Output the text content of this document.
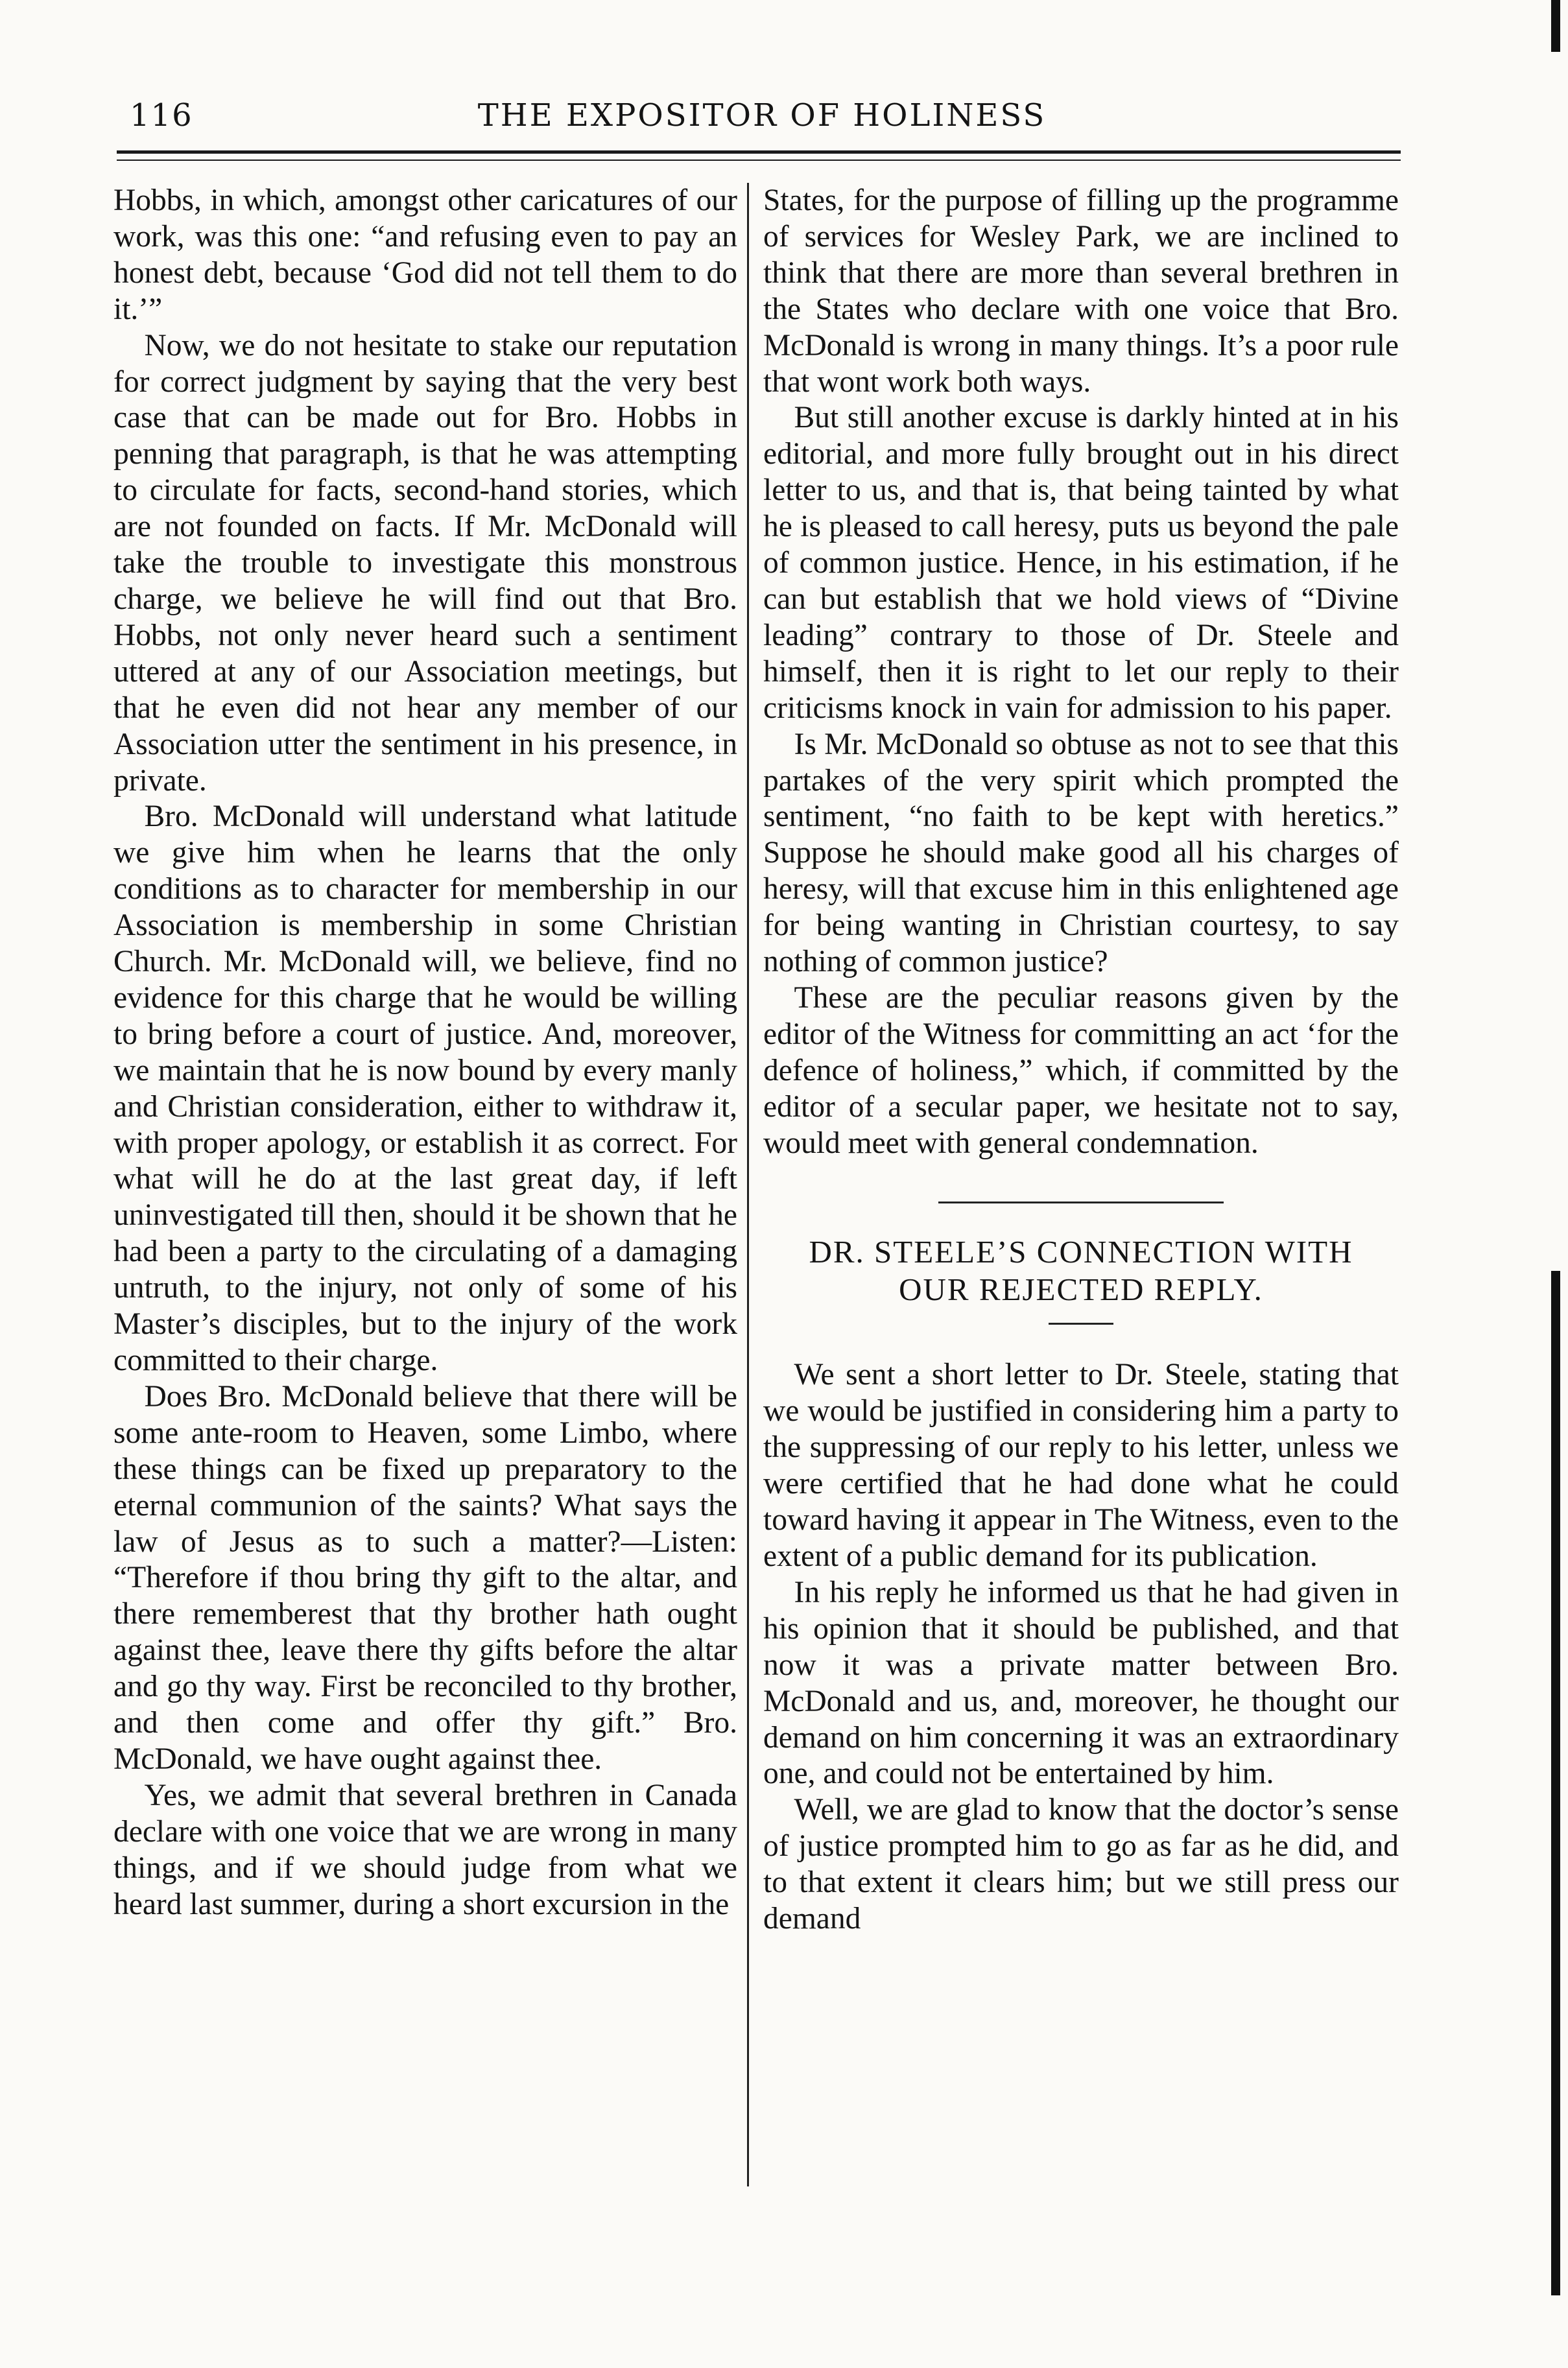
116	THE EXPOSITOR OF HOLINESS

Hobbs, in which, amongst other caricatures of our work, was this one: “and refusing even to pay an honest debt, because ‘God did not tell them to do it.’”

Now, we do not hesitate to stake our reputation for correct judgment by saying that the very best case that can be made out for Bro. Hobbs in penning that paragraph, is that he was attempting to circulate for facts, second-hand stories, which are not founded on facts. If Mr. McDonald will take the trouble to investigate this monstrous charge, we believe he will find out that Bro. Hobbs, not only never heard such a sentiment uttered at any of our Association meetings, but that he even did not hear any member of our Association utter the sentiment in his presence, in private.

Bro. McDonald will understand what latitude we give him when he learns that the only conditions as to character for membership in our Association is membership in some Christian Church. Mr. McDonald will, we believe, find no evidence for this charge that he would be willing to bring before a court of justice. And, moreover, we maintain that he is now bound by every manly and Christian consideration, either to withdraw it, with proper apology, or establish it as correct. For what will he do at the last great day, if left uninvestigated till then, should it be shown that he had been a party to the circulating of a damaging untruth, to the injury, not only of some of his Master’s disciples, but to the injury of the work committed to their charge.

Does Bro. McDonald believe that there will be some ante-room to Heaven, some Limbo, where these things can be fixed up preparatory to the eternal communion of the saints? What says the law of Jesus as to such a matter?—Listen: “Therefore if thou bring thy gift to the altar, and there rememberest that thy brother hath ought against thee, leave there thy gifts before the altar and go thy way. First be reconciled to thy brother, and then come and offer thy gift.” Bro. McDonald, we have ought against thee.

Yes, we admit that several brethren in Canada declare with one voice that we are wrong in many things, and if we should judge from what we heard last summer, during a short excursion in the

States, for the purpose of filling up the programme of services for Wesley Park, we are inclined to think that there are more than several brethren in the States who declare with one voice that Bro. McDonald is wrong in many things. It’s a poor rule that wont work both ways.

But still another excuse is darkly hinted at in his editorial, and more fully brought out in his direct letter to us, and that is, that being tainted by what he is pleased to call heresy, puts us beyond the pale of common justice. Hence, in his estimation, if he can but establish that we hold views of “Divine leading” contrary to those of Dr. Steele and himself, then it is right to let our reply to their criticisms knock in vain for admission to his paper.

Is Mr. McDonald so obtuse as not to see that this partakes of the very spirit which prompted the sentiment, “no faith to be kept with heretics.” Suppose he should make good all his charges of heresy, will that excuse him in this enlightened age for being wanting in Christian courtesy, to say nothing of common justice?

These are the peculiar reasons given by the editor of the Witness for committing an act ‘for the defence of holiness,” which, if committed by the editor of a secular paper, we hesitate not to say, would meet with general condemnation.

DR. STEELE’S CONNECTION WITH
OUR REJECTED REPLY.

We sent a short letter to Dr. Steele, stating that we would be justified in considering him a party to the suppressing of our reply to his letter, unless we were certified that he had done what he could toward having it appear in The Witness, even to the extent of a public demand for its publication.

In his reply he informed us that he had given in his opinion that it should be published, and that now it was a private matter between Bro. McDonald and us, and, moreover, he thought our demand on him concerning it was an extraordinary one, and could not be entertained by him.

Well, we are glad to know that the doctor’s sense of justice prompted him to go as far as he did, and to that extent it clears him; but we still press our demand
